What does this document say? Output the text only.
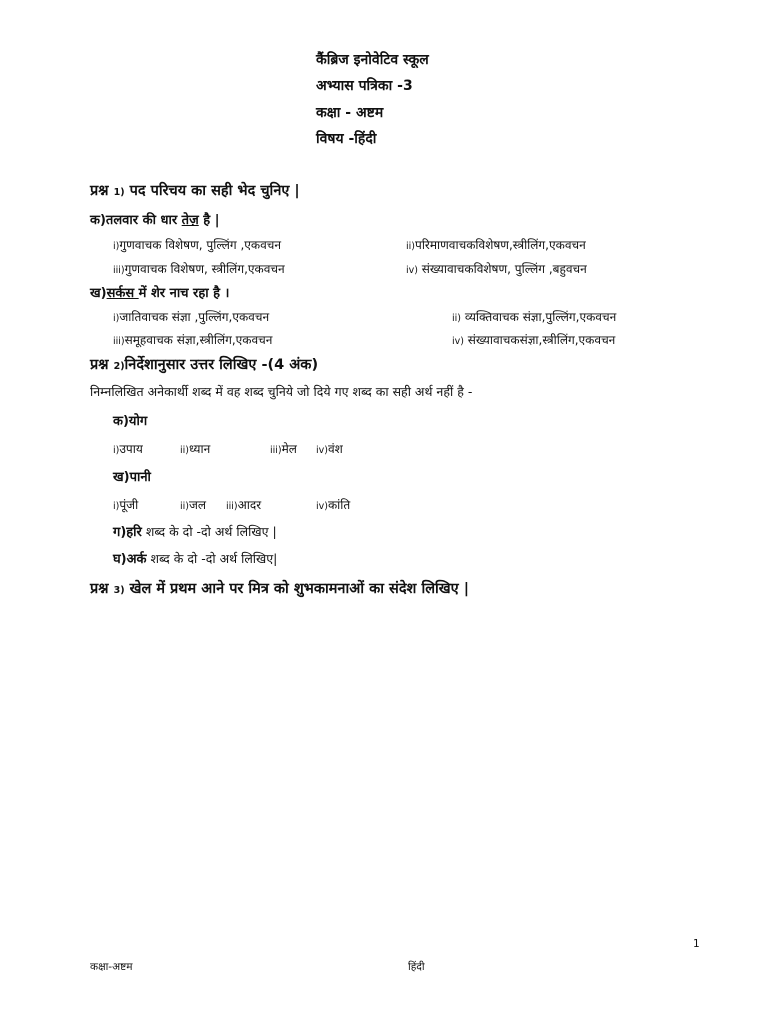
कैंब्रिज इनोवेटिव स्कूल
अभ्यास पत्रिका -3
कक्षा - अष्टम
विषय -हिंदी
प्रश्न 1) पद परिचय का सही भेद चुनिए |
क)तलवार की धार तेज़ है |
i)गुणवाचक विशेषण, पुल्लिंग ,एकवचन	ii)परिमाणवाचकविशेषण,स्त्रीलिंग,एकवचन
iii)गुणवाचक विशेषण, स्त्रीलिंग,एकवचन	iv) संख्यावाचकविशेषण, पुल्लिंग ,बहुवचन
ख)सर्कस में शेर नाच रहा है ।
i)जातिवाचक संज्ञा ,पुल्लिंग,एकवचन	ii) व्यक्तिवाचक संज्ञा,पुल्लिंग,एकवचन
iii)समूहवाचक संज्ञा,स्त्रीलिंग,एकवचन	iv) संख्यावाचकसंज्ञा,स्त्रीलिंग,एकवचन
प्रश्न 2)निर्देशानुसार उत्तर लिखिए -(4 अंक)
निम्नलिखित अनेकार्थी शब्द में वह शब्द चुनिये जो दिये गए शब्द का सही अर्थ नहीं है -
क)योग
i)उपाय	ii)ध्यान	iii)मेल iv)वंश
ख)पानी
i)पूंजी	ii)जल iii)आदर	iv)कांति
ग)हरि शब्द के दो -दो अर्थ लिखिए |
घ)अर्क शब्द के दो -दो अर्थ लिखिए|
प्रश्न 3) खेल में प्रथम आने पर मित्र को शुभकामनाओं का संदेश लिखिए |
1
कक्षा-अष्टम	हिंदी
